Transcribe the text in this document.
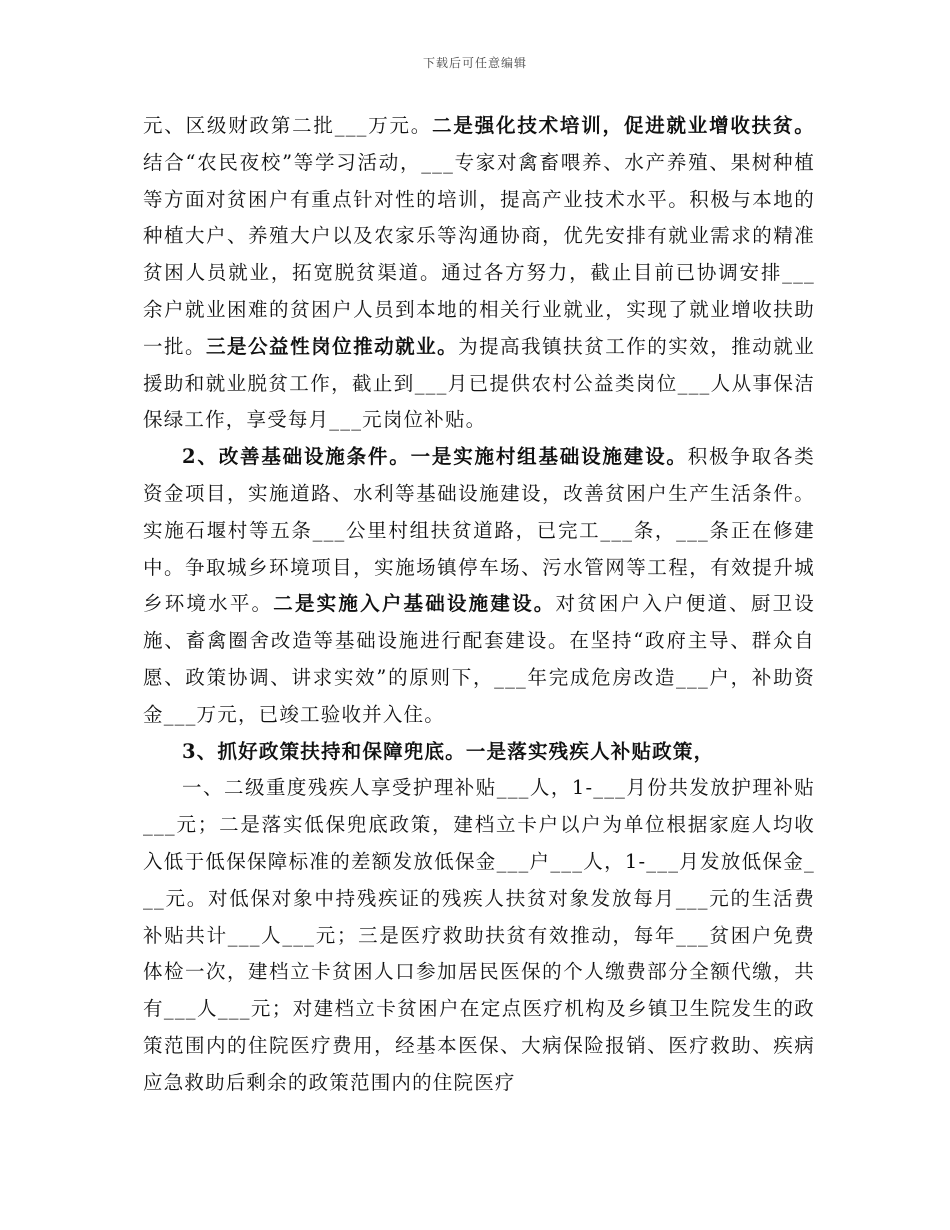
下载后可任意编辑

元、区级财政第二批___万元。二是强化技术培训，促进就业增收扶贫。结合“农民夜校”等学习活动，___专家对禽畜喂养、水产养殖、果树种植等方面对贫困户有重点针对性的培训，提高产业技术水平。积极与本地的种植大户、养殖大户以及农家乐等沟通协商，优先安排有就业需求的精准贫困人员就业，拓宽脱贫渠道。通过各方努力，截止目前已协调安排___余户就业困难的贫困户人员到本地的相关行业就业，实现了就业增收扶助一批。三是公益性岗位推动就业。为提高我镇扶贫工作的实效，推动就业援助和就业脱贫工作，截止到___月已提供农村公益类岗位___人从事保洁保绿工作，享受每月___元岗位补贴。

2、改善基础设施条件。一是实施村组基础设施建设。积极争取各类资金项目，实施道路、水利等基础设施建设，改善贫困户生产生活条件。实施石堰村等五条___公里村组扶贫道路，已完工___条，___条正在修建中。争取城乡环境项目，实施场镇停车场、污水管网等工程，有效提升城乡环境水平。二是实施入户基础设施建设。对贫困户入户便道、厨卫设施、畜禽圈舍改造等基础设施进行配套建设。在坚持“政府主导、群众自愿、政策协调、讲求实效”的原则下，___年完成危房改造___户，补助资金___万元，已竣工验收并入住。

3、抓好政策扶持和保障兜底。一是落实残疾人补贴政策，

一、二级重度残疾人享受护理补贴___人，1-___月份共发放护理补贴___元；二是落实低保兜底政策，建档立卡户以户为单位根据家庭人均收入低于低保保障标准的差额发放低保金___户___人，1-___月发放低保金___元。对低保对象中持残疾证的残疾人扶贫对象发放每月___元的生活费补贴共计___人___元；三是医疗救助扶贫有效推动，每年___贫困户免费体检一次，建档立卡贫困人口参加居民医保的个人缴费部分全额代缴，共有___人___元；对建档立卡贫困户在定点医疗机构及乡镇卫生院发生的政策范围内的住院医疗费用，经基本医保、大病保险报销、医疗救助、疾病应急救助后剩余的政策范围内的住院医疗
